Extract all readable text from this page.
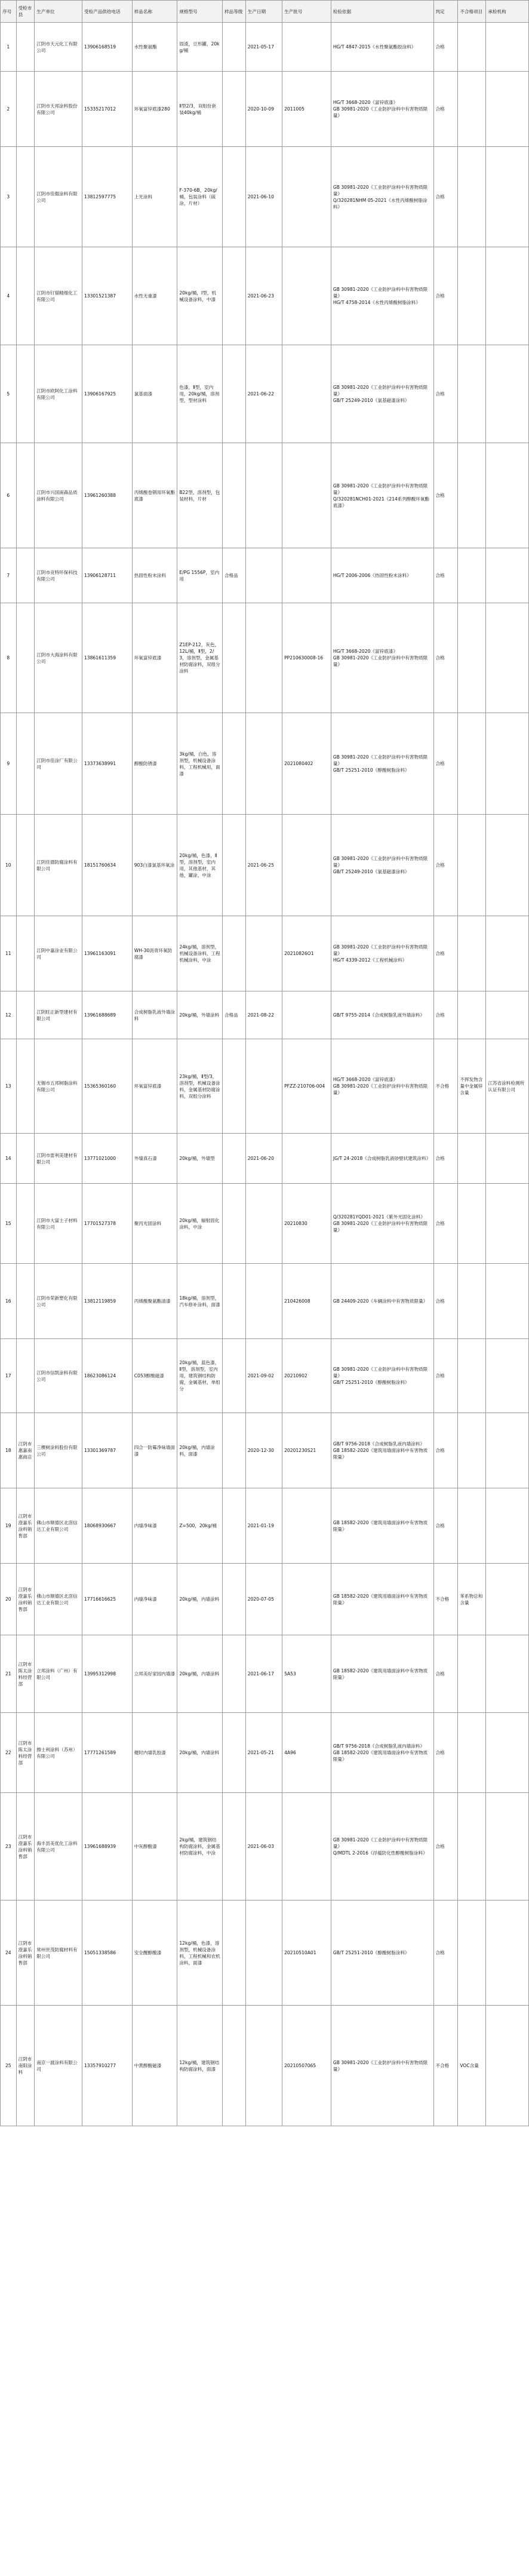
序号	受检市县	生产单位	受检产品供给电话	样品名称	规格型号	样品等级	生产日期	生产批号	检验依据	判定	不合格项目	承检机构
1		江阴市天元化工有限公司	13906168519	水性聚氨酯	固渣，豆形罐，20kg/桶		2021-05-17		HG/T 4847-2015《水性聚氨酯胶涂料》	合格		
2		江阴市天邦涂料股份有限公司	15335217012	环氧富锌底漆280	Ⅱ型2/3，双组份套装40kg/桶		2020-10-09	2011005	HG/T 3668-2020《富锌底漆》
GB 30981-2020《工业防护涂料中有害物质限量》	合格		
3		江阴市佳傲涂料有限公司	13812597775	上光涂料	F-370-6B，20kg/桶，包装涂料（硫涂，片材）		2021-06-10		GB 30981-2020《工业防护涂料中有害物质限量》
Q/320281NHM 05-2021《水性丙烯酸树脂涂料》	合格		
4		江阴市钉锚精细化工有限公司	13301521387	水性无重漆	20kg/桶，Ⅰ型，机械设备涂料，中漆		2021-06-23		GB 30981-2020《工业防护涂料中有害物质限量》
HG/T 4758-2014《水性丙烯酸树脂涂料》	合格		
5		江阴市欧阿化工涂料有限公司	13906167925	氯基面漆	色漆，Ⅱ型，室内用，20kg/桶，溶剂型，型材涂料		2021-06-22		GB 30981-2020《工业防护涂料中有害物质限量》
GB/T 25249-2010《氯基磁漆涂料》	合格		
6		江阴市兴国南森品质涂料有限公司	13961260388	丙烯酸卷钢用环氧酯底漆	B22型，溶剂型，包装材料，片材				GB 30981-2020《工业防护涂料中有害物质限量》
Q/320281NCH01-2021《214系列醇酸环氧酯底漆》	合格		
7		江阴市竞特环保科技有限公司	13906128711	热固性粉末涂料	E/PG 1556P，室内用	合格品			HG/T 2006-2006《热固性粉末涂料》	合格		
8		江阴市大海涂料有限公司	13861611359	环氧富锌底漆	Z1EP-212，灰色，12L/桶，Ⅱ型，2/3，溶剂型，金属基材防腐涂料，双组分涂料			PP210630008-16	HG/T 3668-2020《富锌底漆》
GB 30981-2020《工业防护涂料中有害物质限量》	合格		
9		江阴市佳涂厂有限公司	13373638991	醇酸防锈漆	3kg/桶，白色，溶剂型，机械设备涂料，工程机械用，面漆			2021080402	GB 30981-2020《工业防护涂料中有害物质限量》
GB/T 25251-2010《醇酸树脂涂料》	合格		
10		江阴佳德防腐涂料有限公司	18151760634	903白漆氯基环氧涂	20kg/桶，色漆，Ⅱ型，溶剂型，室内用，其他基材，其他，罐涂，中涂		2021-06-25		GB 30981-2020《工业防护涂料中有害物质限量》
GB/T 25249-2010《氯基磁漆涂料》	合格		
11		江阴中嘉涂业有限公司	13961163091	WH-30沥青环氧防腐漆	24kg/桶，溶剂型，机械设备涂料，工程机械涂料，中涂			20210826O1	GB 30981-2020《工业防护涂料中有害物质限量》
HG/T 4339-2012《工程机械涂料》	合格		
12		江阴旺正新型建材有限公司	13961688689	合成树脂乳液外墙涂料	20kg/桶，外墙涂料	合格品	2021-08-22		GB/T 9755-2014《合成树脂乳液外墙涂料》	合格		
13		无锡市五邦树脂涂料有限公司	15365360160	环氧富锌底漆	23kg/桶，Ⅱ型/3，溶剂型，机械设备涂料，金属基材防腐涂料，双组分涂料			PFZZ-210706-004	HG/T 3668-2020《富锌底漆》
GB 30981-2020《工业防护涂料中有害物质限量》	不合格	不挥发物含量中金属锌含量	江苏省涂料检测所认证有限公司
14		江阴市雷利美建材有限公司	13771021000	外墙真石漆	20kg/桶，外墙型		2021-06-20		JG/T 24-2018《合成树脂乳液砂壁状建筑涂料》	合格		
15		江阴市大富士子材料有限公司	17701527378	聚丙光固涂料	20kg/桶，辐射固化涂料，中涂			20210830	Q/320281YQD01-2021《紫外光固化涂料》
GB 30981-2020《工业防护涂料中有害物质限量》	合格		
16		江阴市荣新塑化有限公司	13812119859	丙烯酸聚氨酯清漆	18kg/桶，溶剂型，汽车修补涂料，面漆			210426008	GB 24409-2020《车辆涂料中有害物质限量》	合格		
17		江阴市信凯涂料有限公司	18623086124	C053醇酸磁漆	20kg/桶，蓝色漆，Ⅱ型，溶剂型，室内用，建筑钢结构防腐，金属基材，单组分		2021-09-02	20210902	GB 30981-2020《工业防护涂料中有害物质限量》
GB/T 25251-2010《醇酸树脂涂料》	合格		
18	江阴市惠嘉南惠商店	三棵树涂料股份有限公司	13301369787	四合一防霉净味墙面漆	20kg/桶，内墙涂料，面漆		2020-12-30	20201230S21	GB/T 9756-2018《合成树脂乳液内墙涂料》
GB 18582-2020《建筑用墙面涂料中有害物质限量》	合格		
19	江阴市澄嘉乐涂料销售部	佛山市顺德区北滘信达工业有限公司	18068930667	内墙净味漆	Z=500，20kg/桶		2021-01-19		GB 18582-2020《建筑用墙面涂料中有害物质限量》	合格		
20	江阴市澄嘉乐涂料销售部	佛山市顺德区北滘信达工业有限公司	17716616625	内墙净味漆	20kg/桶，内墙涂料		2020-07-05		GB 18582-2020《建筑用墙面涂料中有害物质限量》	不合格	苯系物总和含量	
21	江阴市陈太涂料经营部	立邦涂料（广州）有限公司	13995312998	立邦美好家园内墙漆	20kg/桶，内墙涂料		2021-06-17	5A53	GB 18582-2020《建筑用墙面涂料中有害物质限量》	合格		
22	江阴市陈太涂料经营部	擦士利涂料（苏州）有限公司	17771261589	健时内墙乳胶漆	20kg/桶，内墙涂料		2021-05-21	4A96	GB/T 9756-2018《合成树脂乳液内墙涂料》
GB 18582-2020《建筑用墙面涂料中有害物质限量》	合格		
23	江阴市澄嘉乐涂料销售部	海丰县美优化工涂料有限公司	13961688939	中灰醇酸漆	2kg/桶，建筑钢结构防腐涂料，金属基材防腐涂料，中涂		2021-06-03		GB 30981-2020《工业防护涂料中有害物质限量》
Q/MDTL 2-2016《浮蕴防化性醇酸树脂涂料》	合格		
24	江阴市澄嘉乐涂料销售部	常州世茂防腐材料有限公司	15051338586	安全醒醇酸漆	12kg/桶，色漆，溶剂型，机械设备涂料，工程机械和农机涂料，面漆			20210510A01	GB/T 25251-2010《醇酸树脂涂料》	合格		
25	江阴市南阳涂料	南京一渡涂料有限公司	13357910277	中黄醇酸磁漆	12kg/桶，建筑钢结构防腐涂料，面漆			20210507065	GB 30981-2020《工业防护涂料中有害物质限量》	不合格	VOC含量	
